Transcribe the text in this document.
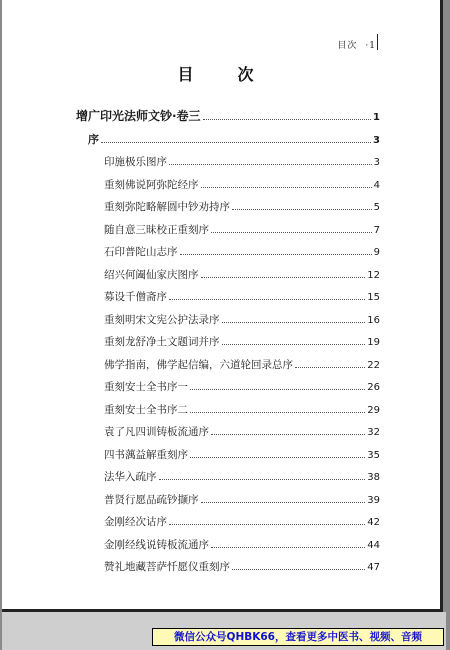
目次 ·1
目　次
增广印光法师文钞·卷三	1
序	3
印施极乐图序	3
重刻佛说阿弥陀经序	4
重刻弥陀略解圆中钞劝持序	5
随自意三昧校正重刻序	7
石印普陀山志序	9
绍兴何阖仙家庆图序	12
募设千僧斋序	15
重刻明宋文宪公护法录序	16
重刻龙舒净土文题词并序	19
佛学指南，佛学起信编，六道轮回录总序	22
重刻安士全书序一	26
重刻安士全书序二	29
袁了凡四训铸板流通序	32
四书蕅益解重刻序	35
法华入疏序	38
普贤行愿品疏钞撷序	39
金刚经次诂序	42
金刚经线说铸板流通序	44
赞礼地藏菩萨忏愿仪重刻序	47
微信公众号QHBK66，查看更多中医书、视频、音频
